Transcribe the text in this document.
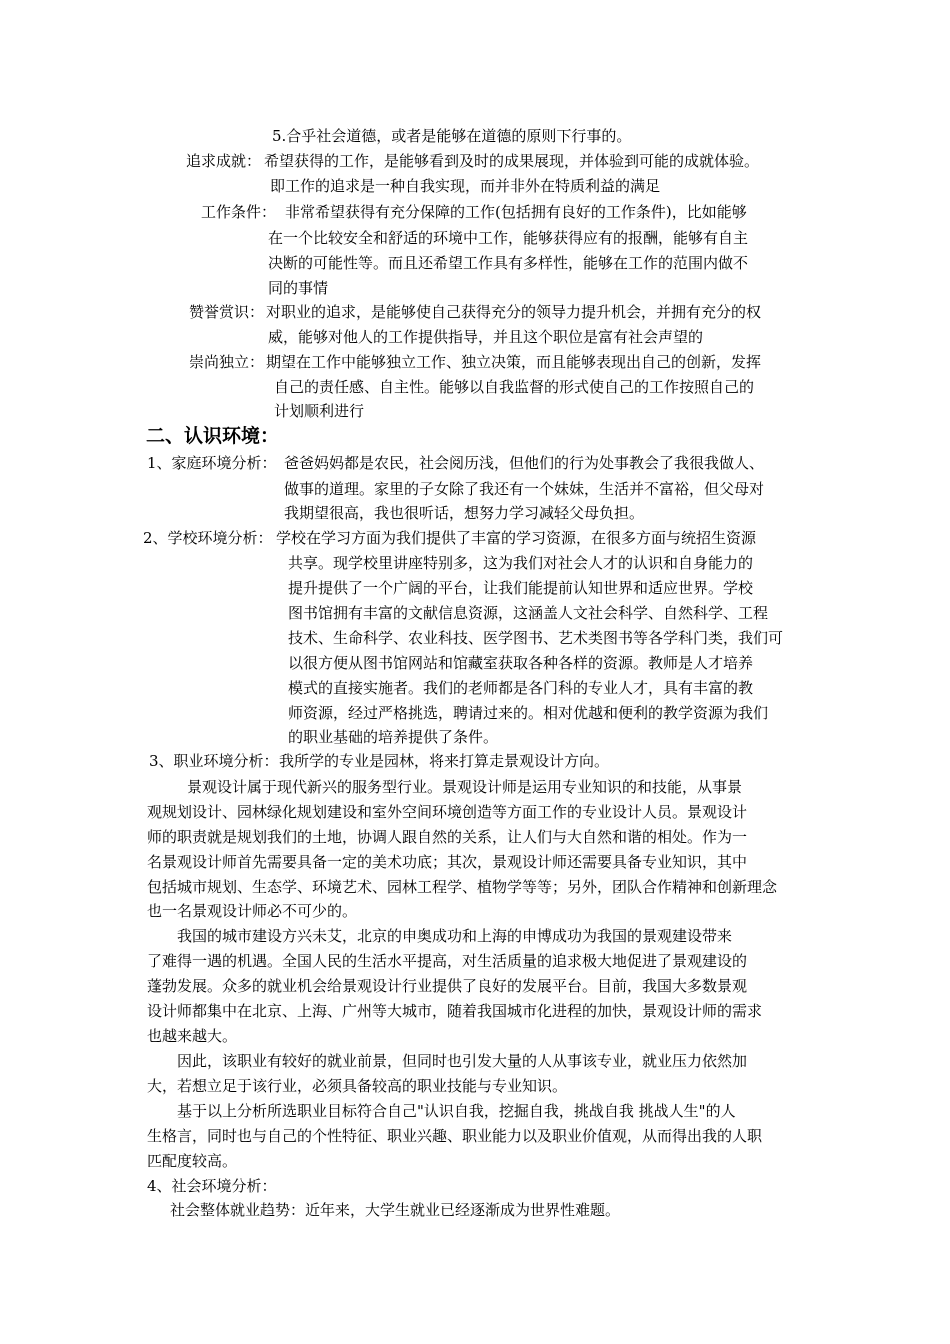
5.合乎社会道德，或者是能够在道德的原则下行事的。
追求成就： 希望获得的工作，是能够看到及时的成果展现，并体验到可能的成就体验。
即工作的追求是一种自我实现，而并非外在特质利益的满足
工作条件： 非常希望获得有充分保障的工作(包括拥有良好的工作条件)，比如能够
在一个比较安全和舒适的环境中工作，能够获得应有的报酬，能够有自主
决断的可能性等。而且还希望工作具有多样性，能够在工作的范围内做不
同的事情
赞誉赏识： 对职业的追求，是能够使自己获得充分的领导力提升机会，并拥有充分的权
威，能够对他人的工作提供指导，并且这个职位是富有社会声望的
崇尚独立： 期望在工作中能够独立工作、独立决策，而且能够表现出自己的创新，发挥
自己的责任感、自主性。能够以自我监督的形式使自己的工作按照自己的
计划顺利进行
二、认识环境：
1、家庭环境分析： 爸爸妈妈都是农民，社会阅历浅，但他们的行为处事教会了我很我做人、
做事的道理。家里的子女除了我还有一个妹妹，生活并不富裕，但父母对
我期望很高，我也很听话，想努力学习减轻父母负担。
2、学校环境分析： 学校在学习方面为我们提供了丰富的学习资源，在很多方面与统招生资源
共享。现学校里讲座特别多，这为我们对社会人才的认识和自身能力的
提升提供了一个广阔的平台，让我们能提前认知世界和适应世界。学校
图书馆拥有丰富的文献信息资源，这涵盖人文社会科学、自然科学、工程
技术、生命科学、农业科技、医学图书、艺术类图书等各学科门类，我们可
以很方便从图书馆网站和馆藏室获取各种各样的资源。教师是人才培养
模式的直接实施者。我们的老师都是各门科的专业人才，具有丰富的教
师资源，经过严格挑选，聘请过来的。相对优越和便利的教学资源为我们
的职业基础的培养提供了条件。
3、职业环境分析： 我所学的专业是园林，将来打算走景观设计方向。
景观设计属于现代新兴的服务型行业。景观设计师是运用专业知识的和技能，从事景
观规划设计、园林绿化规划建设和室外空间环境创造等方面工作的专业设计人员。景观设计
师的职责就是规划我们的土地，协调人跟自然的关系，让人们与大自然和谐的相处。作为一
名景观设计师首先需要具备一定的美术功底；其次，景观设计师还需要具备专业知识，其中
包括城市规划、生态学、环境艺术、园林工程学、植物学等等；另外，团队合作精神和创新理念
也一名景观设计师必不可少的。
我国的城市建设方兴未艾，北京的申奥成功和上海的申博成功为我国的景观建设带来
了难得一遇的机遇。全国人民的生活水平提高，对生活质量的追求极大地促进了景观建设的
蓬勃发展。众多的就业机会给景观设计行业提供了良好的发展平台。目前，我国大多数景观
设计师都集中在北京、上海、广州等大城市，随着我国城市化进程的加快，景观设计师的需求
也越来越大。
因此，该职业有较好的就业前景，但同时也引发大量的人从事该专业，就业压力依然加
大，若想立足于该行业，必须具备较高的职业技能与专业知识。
基于以上分析所选职业目标符合自己"认识自我，挖掘自我，挑战自我 挑战人生"的人
生格言，同时也与自己的个性特征、职业兴趣、职业能力以及职业价值观，从而得出我的人职
匹配度较高。
4、社会环境分析：
社会整体就业趋势：近年来，大学生就业已经逐渐成为世界性难题。
